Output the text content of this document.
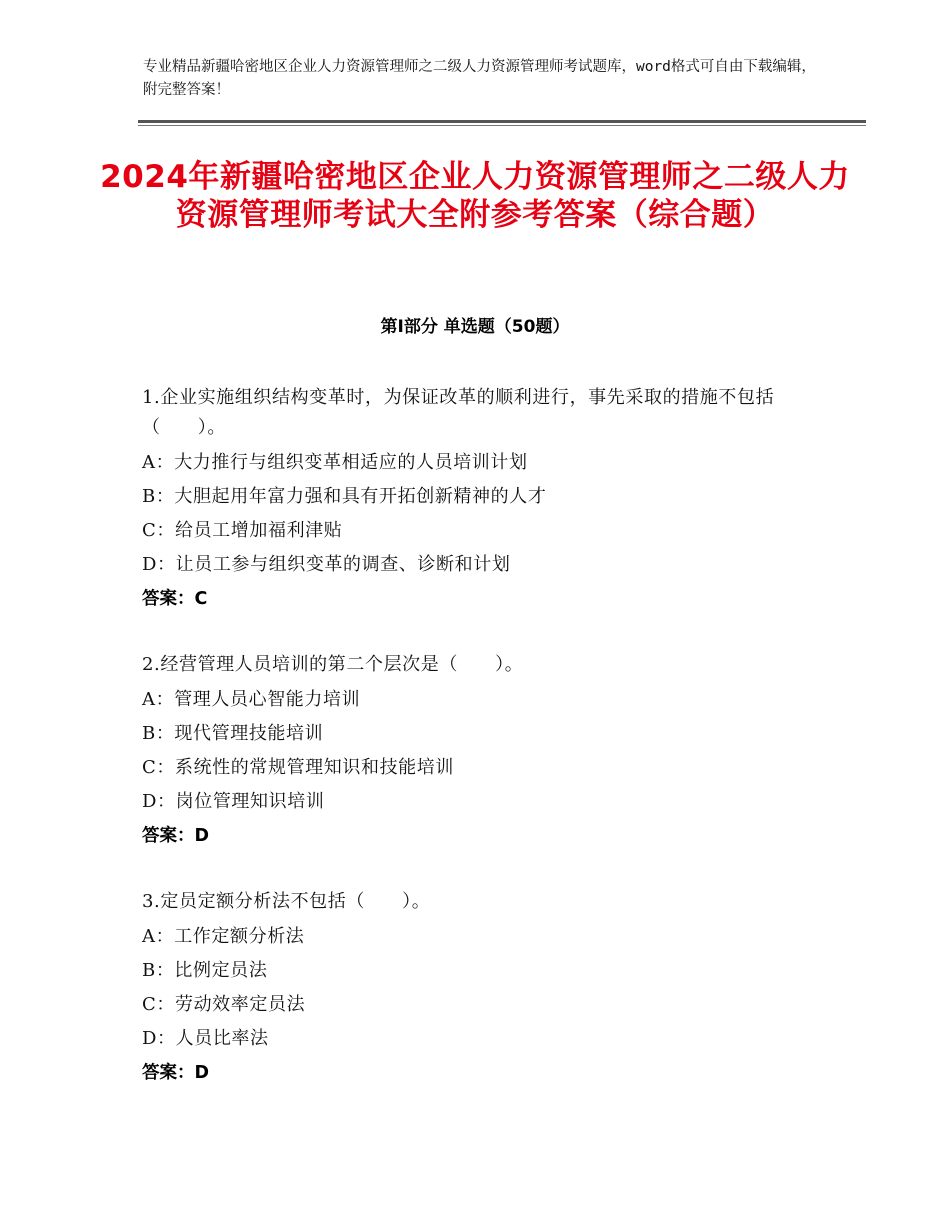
专业精品新疆哈密地区企业人力资源管理师之二级人力资源管理师考试题库，word格式可自由下载编辑，附完整答案！
2024年新疆哈密地区企业人力资源管理师之二级人力资源管理师考试大全附参考答案（综合题）
第Ⅰ部分 单选题（50题）
1.企业实施组织结构变革时，为保证改革的顺利进行，事先采取的措施不包括（　　）。
A：大力推行与组织变革相适应的人员培训计划
B：大胆起用年富力强和具有开拓创新精神的人才
C：给员工增加福利津贴
D：让员工参与组织变革的调查、诊断和计划
答案：C
2.经营管理人员培训的第二个层次是（　　）。
A：管理人员心智能力培训
B：现代管理技能培训
C：系统性的常规管理知识和技能培训
D：岗位管理知识培训
答案：D
3.定员定额分析法不包括（　　）。
A：工作定额分析法
B：比例定员法
C：劳动效率定员法
D：人员比率法
答案：D
